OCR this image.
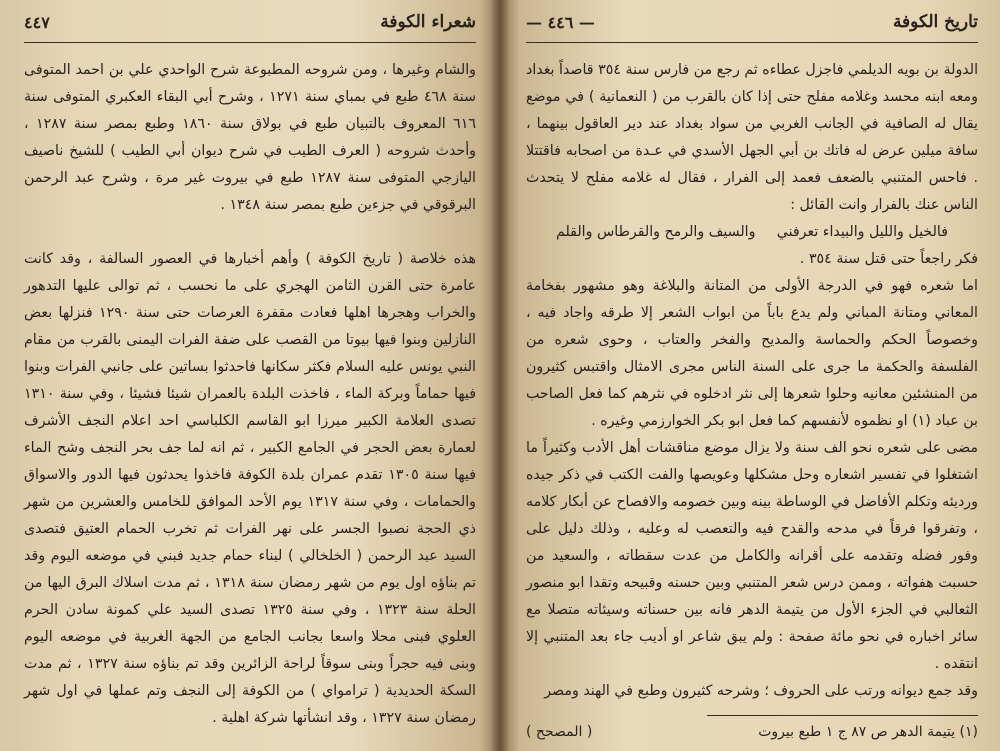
٤٤٧	شعراء الكوفة

والشام وغيرها ، ومن شروحه المطبوعة شرح الواحدي علي بن احمد المتوفى سنة ٤٦٨ طبع في بمباي سنة ١٢٧١ ، وشرح أبي البقاء العكبري المتوفى سنة ٦١٦ المعروف بالتبيان طبع في بولاق سنة ١٨٦٠ وطبع بمصر سنة ١٢٨٧ ، وأحدث شروحه ( العرف الطيب في شرح ديوان أبي الطيب ) للشيخ ناصيف اليازجي المتوفى سنة ١٢٨٧ طبع في بيروت غير مرة ، وشرح عبد الرحمن البرقوقي في جزءين طبع بمصر سنة ١٣٤٨ .

هذه خلاصة ( تاريخ الكوفة ) وأهم أخبارها في العصور السالفة ، وقد كانت عامرة حتى القرن الثامن الهجري على ما نحسب ، ثم توالى عليها التدهور والخراب وهجرها اهلها فعادت مقفرة العرصات حتى سنة ١٢٩٠ فنزلها بعض النازلين وبنوا فيها بيوتا من القصب على ضفة الفرات اليمنى بالقرب من مقام النبي يونس عليه السلام فكثر سكانها فاحدثوا بساتين على جانبي الفرات وبنوا فيها حماماً وبركة الماء ، فاخذت البلدة بالعمران شيئا فشيئا ، وفي سنة ١٣١٠ تصدى العلامة الكبير ميرزا ابو القاسم الكلباسي احد اعلام النجف الأشرف لعمارة بعض الحجر في الجامع الكبير ، ثم انه لما جف بحر النجف وشح الماء فيها سنة ١٣٠٥ تقدم عمران بلدة الكوفة فاخذوا يحدثون فيها الدور والاسواق والحمامات ، وفي سنة ١٣١٧ يوم الأحد الموافق للخامس والعشرين من شهر ذي الحجة نصبوا الجسر على نهر الفرات ثم تخرب الحمام العتيق فتصدى السيد عبد الرحمن ( الخلخالي ) لبناء حمام جديد فبني في موضعه اليوم وقد تم بناؤه اول يوم من شهر رمضان سنة ١٣١٨ ، ثم مدت اسلاك البرق اليها من الحلة سنة ١٣٢٣ ، وفي سنة ١٣٢٥ تصدى السيد علي كمونة سادن الحرم العلوي فبنى محلا واسعا بجانب الجامع من الجهة الغربية في موضعه اليوم وبنى فيه حجراً وبنى سوقاً لراحة الزائرين وقد تم بناؤه سنة ١٣٢٧ ، ثم مدت السكة الحديدية ( ترامواي ) من الكوفة إلى النجف وتم عملها في اول شهر رمضان سنة ١٣٢٧ ، وقد انشأتها شركة اهلية .

— ٤٤٦ —	تاريخ الكوفة

الدولة بن بويه الديلمي فاجزل عطاءه ثم رجع من فارس سنة ٣٥٤ قاصداً بغداد ومعه ابنه محسد وغلامه مفلح حتى إذا كان بالقرب من ( النعمانية ) في موضع يقال له الصافية في الجانب الغربي من سواد بغداد عند دير العاقول بينهما ، سافة ميلين عرض له فاتك بن أبي الجهل الأسدي في عـدة من اصحابه فاقتتلا . فاحس المتنبي بالضعف فعمد إلى الفرار ، فقال له غلامه مفلح لا يتحدث الناس عنك بالفرار وانت القائل :

فالخيل والليل والبيداء تعرفني
والسيف والرمح والقرطاس والقلم

فكر راجعاً حتى قتل سنة ٣٥٤ .

اما شعره فهو في الدرجة الأولى من المتانة والبلاغة وهو مشهور بفخامة المعاني ومتانة المباني ولم يدع باباً من ابواب الشعر إلا طرقه واجاد فيه ، وخصوصاً الحكم والحماسة والمديح والفخر والعتاب ، وحوى شعره من الفلسفة والحكمة ما جرى على السنة الناس مجرى الامثال واقتبس كثيرون من المنشئين معانيه وحلوا شعرها إلى نثر ادخلوه في نثرهم كما فعل الصاحب بن عباد (١) او نظموه لأنفسهم كما فعل ابو بكر الخوارزمي وغيره .

مضى على شعره نحو الف سنة ولا يزال موضع مناقشات أهل الأدب وكثيراً ما اشتغلوا في تفسير اشعاره وحل مشكلها وعويصها والفت الكتب في ذكر جيده ورديئه وتكلم الأفاضل في الوساطة بينه وبين خصومه والافصاح عن أبكار كلامه ، وتفرقوا فرقاً في مدحه والقدح فيه والتعصب له وعليه ، وذلك دليل على وفور فضله وتقدمه على أقرانه والكامل من عدت سقطاته ، والسعيد من حسبت هفواته ، وممن درس شعر المتنبي وبين حسنه وقبيحه وتقدا ابو منصور الثعالبي في الجزء الأول من يتيمة الدهر فانه بين حسناته وسيئاته متصلا مع سائر اخباره في نحو مائة صفحة : ولم يبق شاعر او أديب جاء بعد المتنبي إلا انتقده .

وقد جمع ديوانه ورتب على الحروف ؛ وشرحه كثيرون وطبع في الهند ومصر

(١) يتيمة الدهر ص ٨٧ ج ١ طبع بيروت
( المصحح )
